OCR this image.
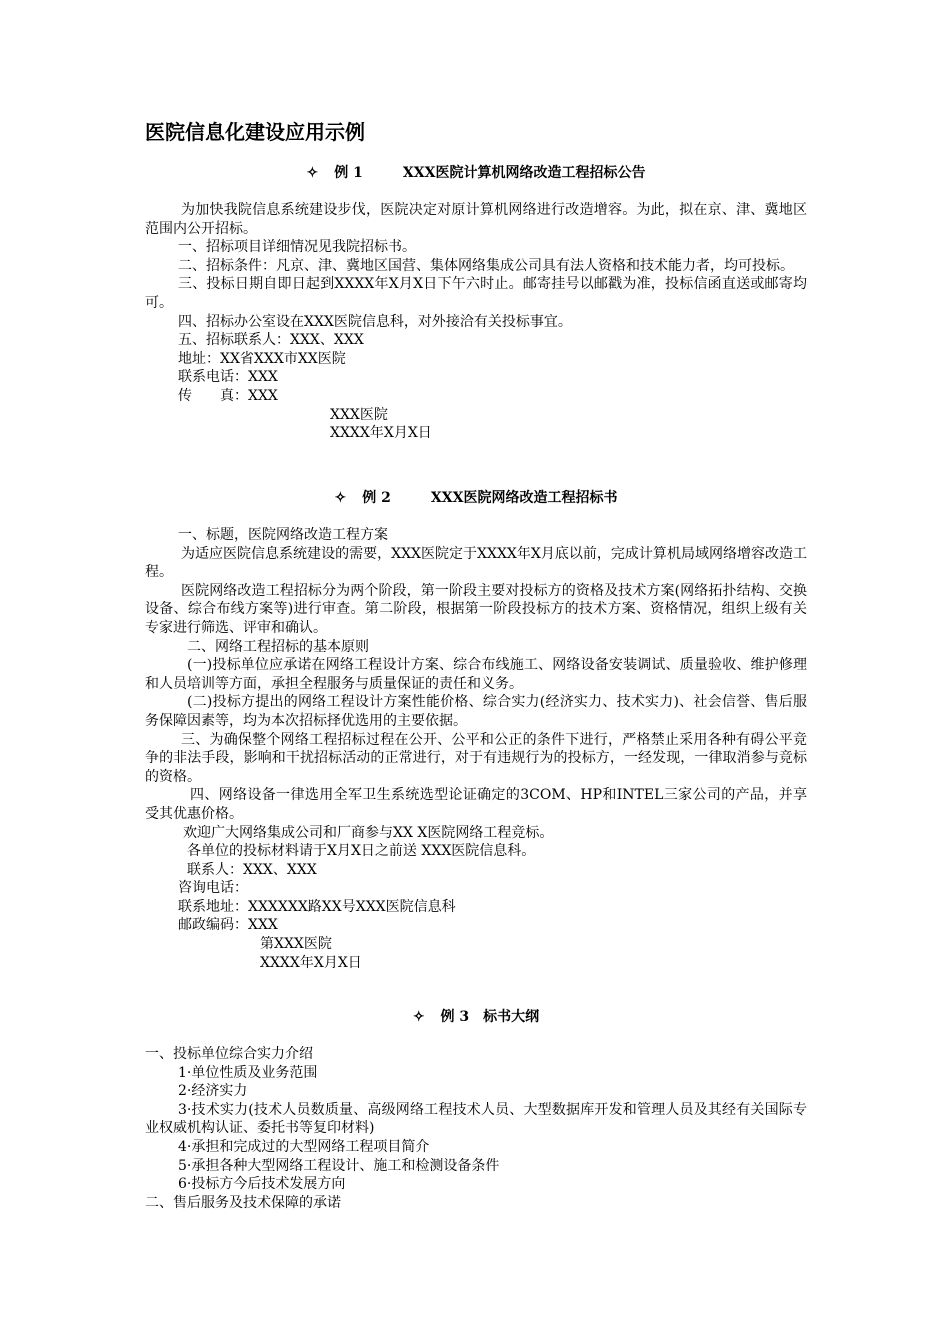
医院信息化建设应用示例
✧ 例 1	XXX医院计算机网络改造工程招标公告

为加快我院信息系统建设步伐，医院决定对原计算机网络进行改造增容。为此，拟在京、津、冀地区范围内公开招标。

一、招标项目详细情况见我院招标书。

二、招标条件：凡京、津、冀地区国营、集体网络集成公司具有法人资格和技术能力者，均可投标。

三、投标日期自即日起到XXXX年X月X日下午六时止。邮寄挂号以邮戳为准，投标信函直送或邮寄均可。

四、招标办公室设在XXX医院信息科，对外接洽有关投标事宜。

五、招标联系人：XXX、XXX

地址：XX省XXX市XX医院

联系电话：XXX

传　　真：XXX

XXX医院

XXXX年X月X日

✧ 例 2	XXX医院网络改造工程招标书

一、标题，医院网络改造工程方案

为适应医院信息系统建设的需要，XXX医院定于XXXX年X月底以前，完成计算机局域网络增容改造工程。

医院网络改造工程招标分为两个阶段，第一阶段主要对投标方的资格及技术方案(网络拓扑结构、交换设备、综合布线方案等)进行审查。第二阶段，根据第一阶段投标方的技术方案、资格情况，组织上级有关专家进行筛选、评审和确认。

二、网络工程招标的基本原则

(一)投标单位应承诺在网络工程设计方案、综合布线施工、网络设备安装调试、质量验收、维护修理和人员培训等方面，承担全程服务与质量保证的责任和义务。

(二)投标方提出的网络工程设计方案性能价格、综合实力(经济实力、技术实力)、社会信誉、售后服务保障因素等，均为本次招标择优选用的主要依据。

三、为确保整个网络工程招标过程在公开、公平和公正的条件下进行，严格禁止采用各种有碍公平竞争的非法手段，影响和干扰招标活动的正常进行，对于有违规行为的投标方，一经发现，一律取消参与竞标的资格。

四、网络设备一律选用全军卫生系统选型论证确定的3COM、HP和INTEL三家公司的产品，并享受其优惠价格。

欢迎广大网络集成公司和厂商参与XX X医院网络工程竞标。

各单位的投标材料请于X月X日之前送 XXX医院信息科。

联系人：XXX、XXX

咨询电话：

联系地址：XXXXXX路XX号XXX医院信息科

邮政编码：XXX

第XXX医院

XXXX年X月X日

✧ 例 3 标书大纲

一、投标单位综合实力介绍

1·单位性质及业务范围

2·经济实力

3·技术实力(技术人员数质量、高级网络工程技术人员、大型数据库开发和管理人员及其经有关国际专业权威机构认证、委托书等复印材料)

4·承担和完成过的大型网络工程项目简介

5·承担各种大型网络工程设计、施工和检测设备条件

6·投标方今后技术发展方向

二、售后服务及技术保障的承诺
